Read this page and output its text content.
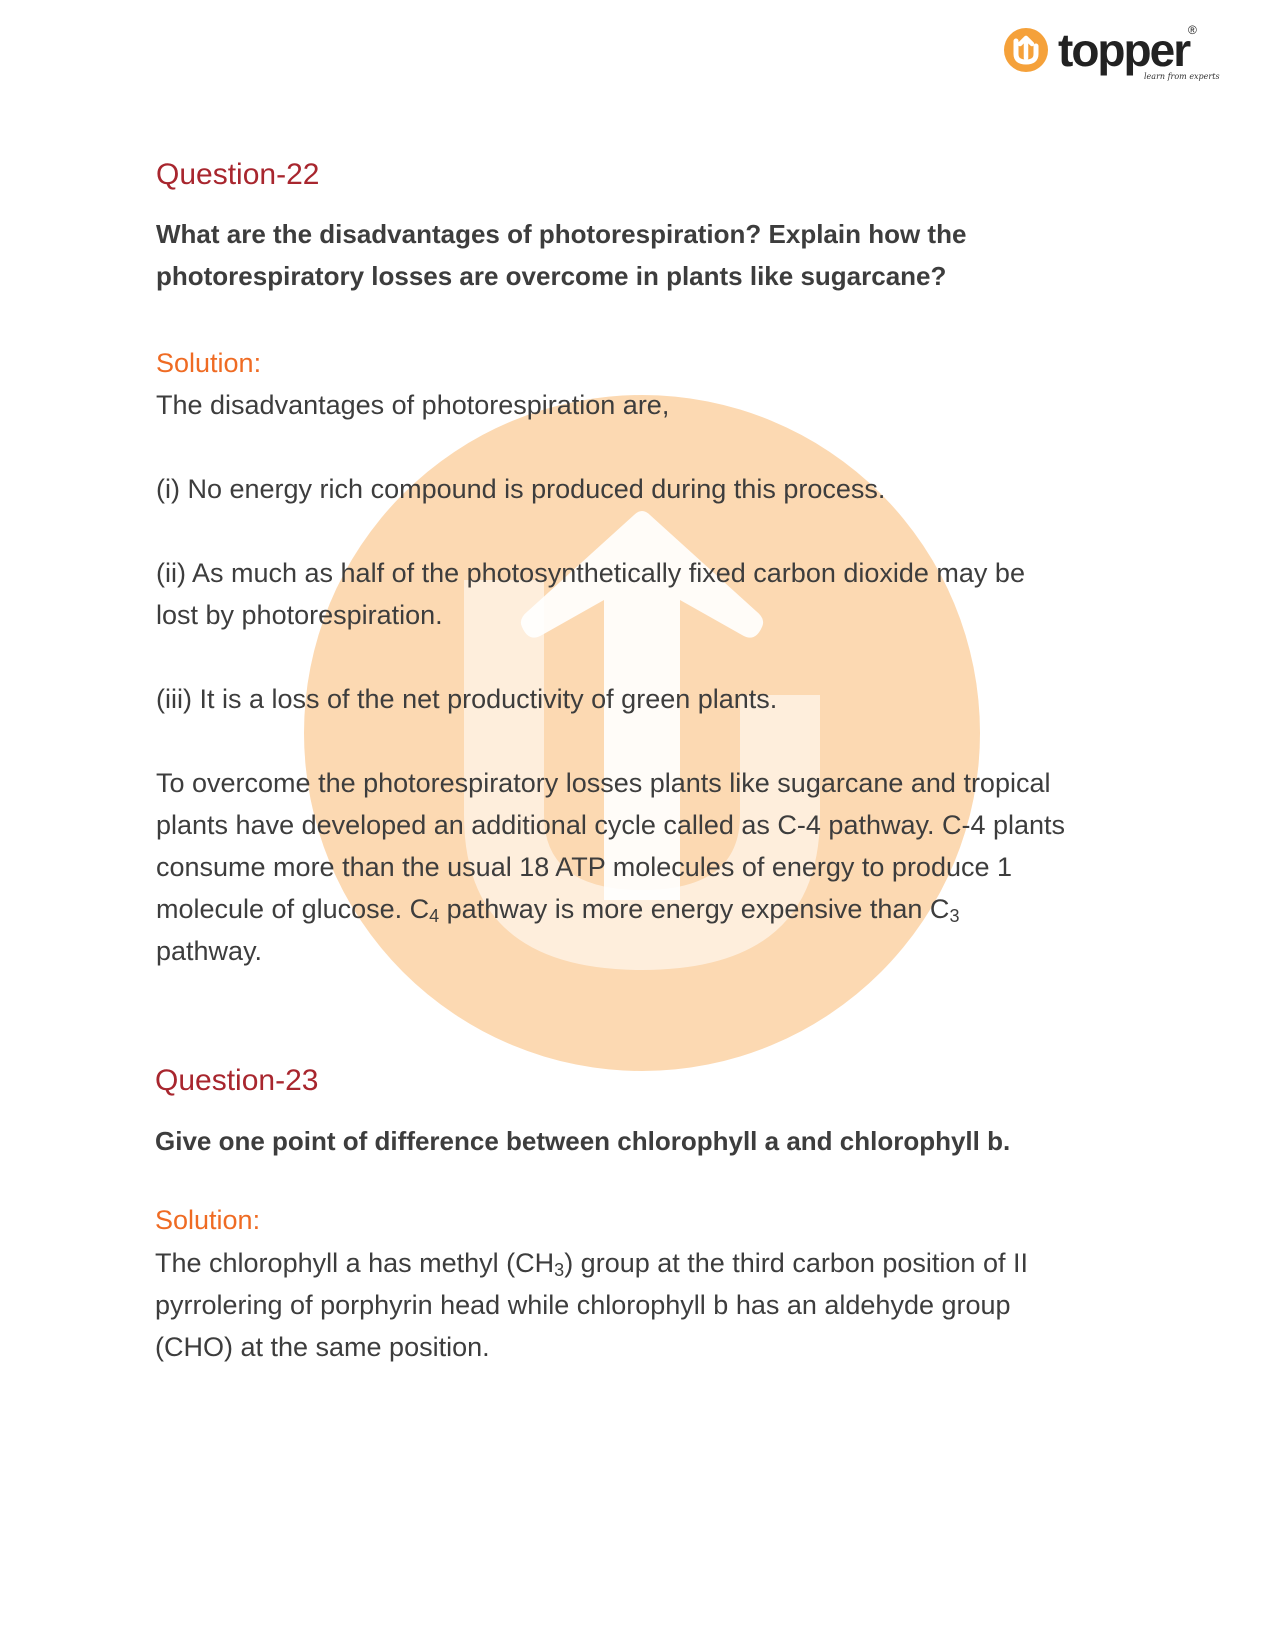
topper
®
learn from experts
Question-22
What are the disadvantages of photorespiration? Explain how the
photorespiratory losses are overcome in plants like sugarcane?
Solution:
The disadvantages of photorespiration are,
(i) No energy rich compound is produced during this process.
(ii) As much as half of the photosynthetically fixed carbon dioxide may be
lost by photorespiration.
(iii) It is a loss of the net productivity of green plants.
To overcome the photorespiratory losses plants like sugarcane and tropical
plants have developed an additional cycle called as C-4 pathway. C-4 plants
consume more than the usual 18 ATP molecules of energy to produce 1
molecule of glucose. $C_4$ pathway is more energy expensive than $C_3$
pathway.
Question-23
Give one point of difference between chlorophyll a and chlorophyll b.
Solution:
The chlorophyll a has methyl $(CH_3)$ group at the third carbon position of II
pyrrolering of porphyrin head while chlorophyll b has an aldehyde group
(CHO) at the same position.
